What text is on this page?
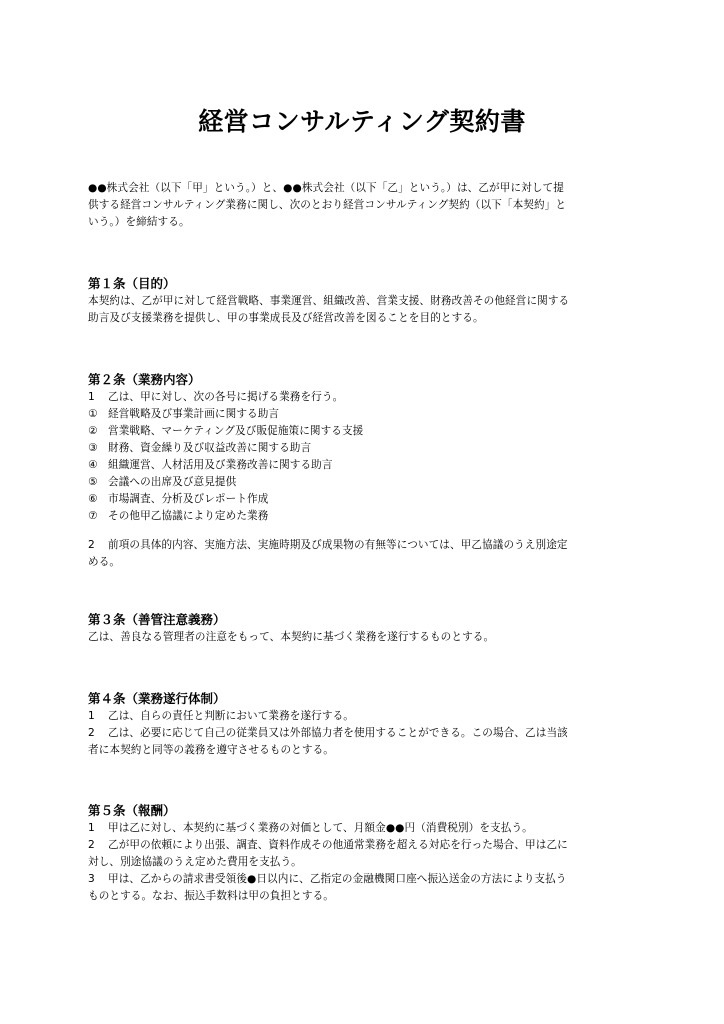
経営コンサルティング契約書
●●株式会社（以下「甲」という。）と、●●株式会社（以下「乙」という。）は、乙が甲に対して提
供する経営コンサルティング業務に関し、次のとおり経営コンサルティング契約（以下「本契約」と
いう。）を締結する。
第１条（目的）
本契約は、乙が甲に対して経営戦略、事業運営、組織改善、営業支援、財務改善その他経営に関する
助言及び支援業務を提供し、甲の事業成長及び経営改善を図ることを目的とする。
第２条（業務内容）
1	乙は、甲に対し、次の各号に掲げる業務を行う。
① 経営戦略及び事業計画に関する助言
② 営業戦略、マーケティング及び販促施策に関する支援
③ 財務、資金繰り及び収益改善に関する助言
④ 組織運営、人材活用及び業務改善に関する助言
⑤ 会議への出席及び意見提供
⑥ 市場調査、分析及びレポート作成
⑦ その他甲乙協議により定めた業務
2	前項の具体的内容、実施方法、実施時期及び成果物の有無等については、甲乙協議のうえ別途定
める。
第３条（善管注意義務）
乙は、善良なる管理者の注意をもって、本契約に基づく業務を遂行するものとする。
第４条（業務遂行体制）
1	乙は、自らの責任と判断において業務を遂行する。
2	乙は、必要に応じて自己の従業員又は外部協力者を使用することができる。この場合、乙は当該
者に本契約と同等の義務を遵守させるものとする。
第５条（報酬）
1	甲は乙に対し、本契約に基づく業務の対価として、月額金●●円（消費税別）を支払う。
2	乙が甲の依頼により出張、調査、資料作成その他通常業務を超える対応を行った場合、甲は乙に
対し、別途協議のうえ定めた費用を支払う。
3	甲は、乙からの請求書受領後●日以内に、乙指定の金融機関口座へ振込送金の方法により支払う
ものとする。なお、振込手数料は甲の負担とする。
